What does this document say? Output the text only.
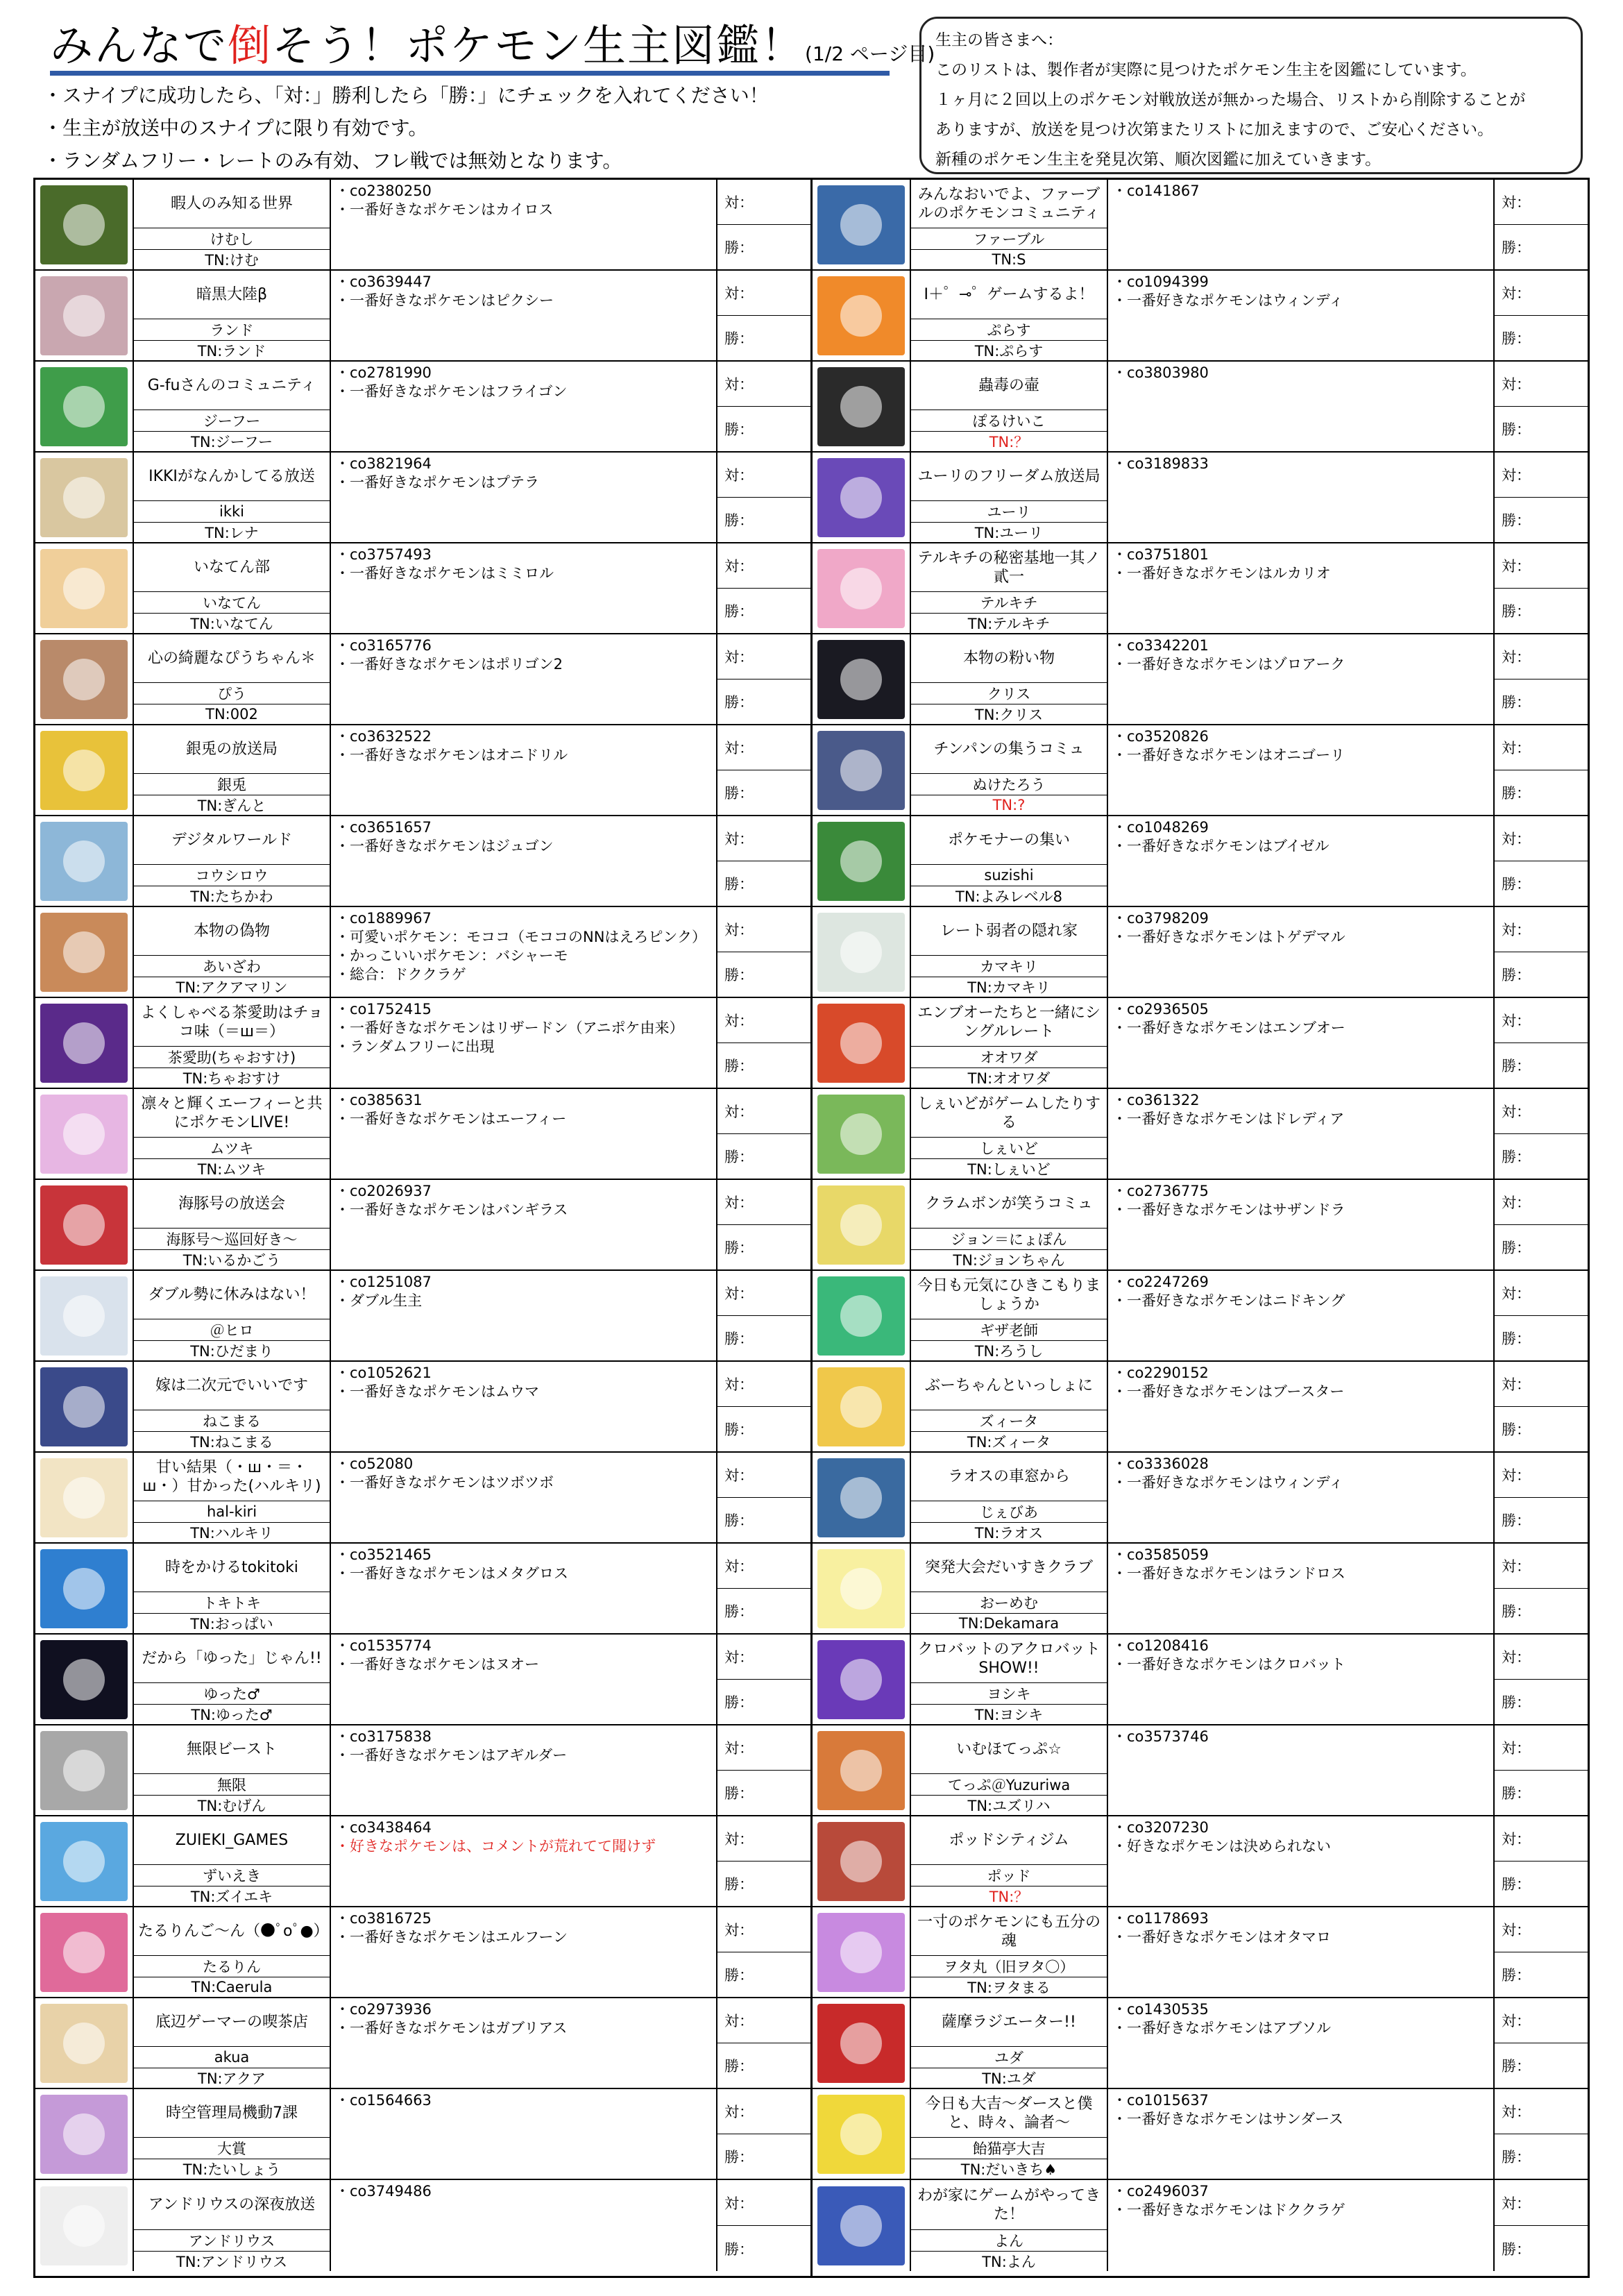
みんなで倒そう！ポケモン生主図鑑！(1/2 ページ目)
・スナイプに成功したら、「対：」勝利したら「勝：」にチェックを入れてください！
・生主が放送中のスナイプに限り有効です。
・ランダムフリー・レートのみ有効、フレ戦では無効となります。
生主の皆さまへ：
このリストは、製作者が実際に見つけたポケモン生主を図鑑にしています。
１ヶ月に２回以上のポケモン対戦放送が無かった場合、リストから削除することが
ありますが、放送を見つけ次第またリストに加えますので、ご安心ください。
新種のポケモン生主を発見次第、順次図鑑に加えていきます。
暇人のみ知る世界
けむし
TN:けむ
・co2380250
・一番好きなポケモンはカイロス	対：
勝：
暗黒大陸β
ランド
TN:ランド
・co3639447
・一番好きなポケモンはピクシー	対：
勝：
G-fuさんのコミュニティ
ジーフー
TN:ジーフー
・co2781990
・一番好きなポケモンはフライゴン	対：
勝：
IKKIがなんかしてる放送
ikki
TN:レナ
・co3821964
・一番好きなポケモンはプテラ	対：
勝：
いなてん部
いなてん
TN:いなてん
・co3757493
・一番好きなポケモンはミミロル	対：
勝：
心の綺麗なぴうちゃん＊
ぴう
TN:002
・co3165776
・一番好きなポケモンはポリゴン2	対：
勝：
銀兎の放送局
銀兎
TN:ぎんと
・co3632522
・一番好きなポケモンはオニドリル	対：
勝：
デジタルワールド
コウシロウ
TN:たちかわ
・co3651657
・一番好きなポケモンはジュゴン	対：
勝：
本物の偽物
あいざわ
TN:アクアマリン
・co1889967
・可愛いポケモン：モココ（モココのNNはえろピンク）
・かっこいいポケモン：バシャーモ
・総合：ドククラゲ
対：
勝：
よくしゃべる茶愛助はチョコ味（＝ш＝）
茶愛助(ちゃおすけ)
TN:ちゃおすけ
・co1752415
・一番好きなポケモンはリザードン（アニポケ由来）
・ランダムフリーに出現
対：
勝：
凛々と輝くエーフィーと共にポケモンLIVE!
ムツキ
TN:ムツキ
・co385631
・一番好きなポケモンはエーフィー	対：
勝：
海豚号の放送会
海豚号～巡回好き～
TN:いるかごう
・co2026937
・一番好きなポケモンはバンギラス	対：
勝：
ダブル勢に休みはない！
＠ヒロ
TN:ひだまり
・co1251087
・ダブル生主	対：
勝：
嫁は二次元でいいです
ねこまる
TN:ねこまる
・co1052621
・一番好きなポケモンはムウマ	対：
勝：
甘い結果（・ш・＝・ш・）甘かった(ハルキリ)
hal-kiri
TN:ハルキリ
・co52080
・一番好きなポケモンはツボツボ	対：
勝：
時をかけるtokitoki
トキトキ
TN:おっぱい
・co3521465
・一番好きなポケモンはメタグロス	対：
勝：
だから「ゆった」じゃん!!
ゆった♂
TN:ゆった♂
・co1535774
・一番好きなポケモンはヌオー	対：
勝：
無限ビースト
無限
TN:むげん
・co3175838
・一番好きなポケモンはアギルダー	対：
勝：
ZUIEKI_GAMES
ずいえき
TN:ズイエキ
・co3438464
・好きなポケモンは、コメントが荒れてて聞けず	対：
勝：
たるりんご～ん（●ﾟoﾟ●）
たるりん
TN:Caerula
・co3816725
・一番好きなポケモンはエルフーン	対：
勝：
底辺ゲーマーの喫茶店
akua
TN:アクア
・co2973936
・一番好きなポケモンはガブリアス	対：
勝：
時空管理局機動7課
大賞
TN:たいしょう
・co1564663
対：
勝：
アンドリウスの深夜放送
アンドリウス
TN:アンドリウス
・co3749486
対：
勝：
みんなおいでよ、ファーブルのポケモンコミュニティ
ファーブル
TN:S
・co141867
対：
勝：
I＋゜⊸゜ゲームするよ！
ぷらす
TN:ぷらす
・co1094399
・一番好きなポケモンはウィンディ	対：
勝：
蟲毒の壷
ぽるけいこ
TN:？
・co3803980
対：
勝：
ユーリのフリーダム放送局
ユーリ
TN:ユーリ
・co3189833
対：
勝：
テルキチの秘密基地一其ノ貳一
テルキチ
TN:テルキチ
・co3751801
・一番好きなポケモンはルカリオ	対：
勝：
本物の粉い物
クリス
TN:クリス
・co3342201
・一番好きなポケモンはゾロアーク	対：
勝：
チンパンの集うコミュ
ぬけたろう
TN:?
・co3520826
・一番好きなポケモンはオニゴーリ	対：
勝：
ポケモナーの集い
suzishi
TN:よみレベル8
・co1048269
・一番好きなポケモンはブイゼル	対：
勝：
レート弱者の隠れ家
カマキリ
TN:カマキリ
・co3798209
・一番好きなポケモンはトゲデマル	対：
勝：
エンブオーたちと一緒にシングルレート
オオワダ
TN:オオワダ
・co2936505
・一番好きなポケモンはエンブオー	対：
勝：
しぇいどがゲームしたりする
しぇいど
TN:しぇいど
・co361322
・一番好きなポケモンはドレディア	対：
勝：
クラムボンが笑うコミュ
ジョン＝にょぽん
TN:ジョンちゃん
・co2736775
・一番好きなポケモンはサザンドラ	対：
勝：
今日も元気にひきこもりましょうか
ギザ老師
TN:ろうし
・co2247269
・一番好きなポケモンはニドキング	対：
勝：
ぶーちゃんといっしょに
ズィータ
TN:ズィータ
・co2290152
・一番好きなポケモンはブースター	対：
勝：
ラオスの車窓から
じぇびあ
TN:ラオス
・co3336028
・一番好きなポケモンはウィンディ	対：
勝：
突発大会だいすきクラブ
おーめむ
TN:Dekamara
・co3585059
・一番好きなポケモンはランドロス	対：
勝：
クロバットのアクロバットSHOW!!
ヨシキ
TN:ヨシキ
・co1208416
・一番好きなポケモンはクロバット	対：
勝：
いむほてっぷ☆
てっぷ＠Yuzuriwa
TN:ユズリハ
・co3573746
対：
勝：
ポッドシティジム
ポッド
TN:？
・co3207230
・好きなポケモンは決められない	対：
勝：
一寸のポケモンにも五分の魂
ヲタ丸（旧ヲタ〇）
TN:ヲタまる
・co1178693
・一番好きなポケモンはオタマロ	対：
勝：
薩摩ラジエーター!!
ユダ
TN:ユダ
・co1430535
・一番好きなポケモンはアブソル	対：
勝：
今日も大吉～ダースと僕と、時々、論者～
飴猫亭大吉
TN:だいきち♠
・co1015637
・一番好きなポケモンはサンダース	対：
勝：
わが家にゲームがやってきた！
よん
TN:よん
・co2496037
・一番好きなポケモンはドククラゲ	対：
勝：
